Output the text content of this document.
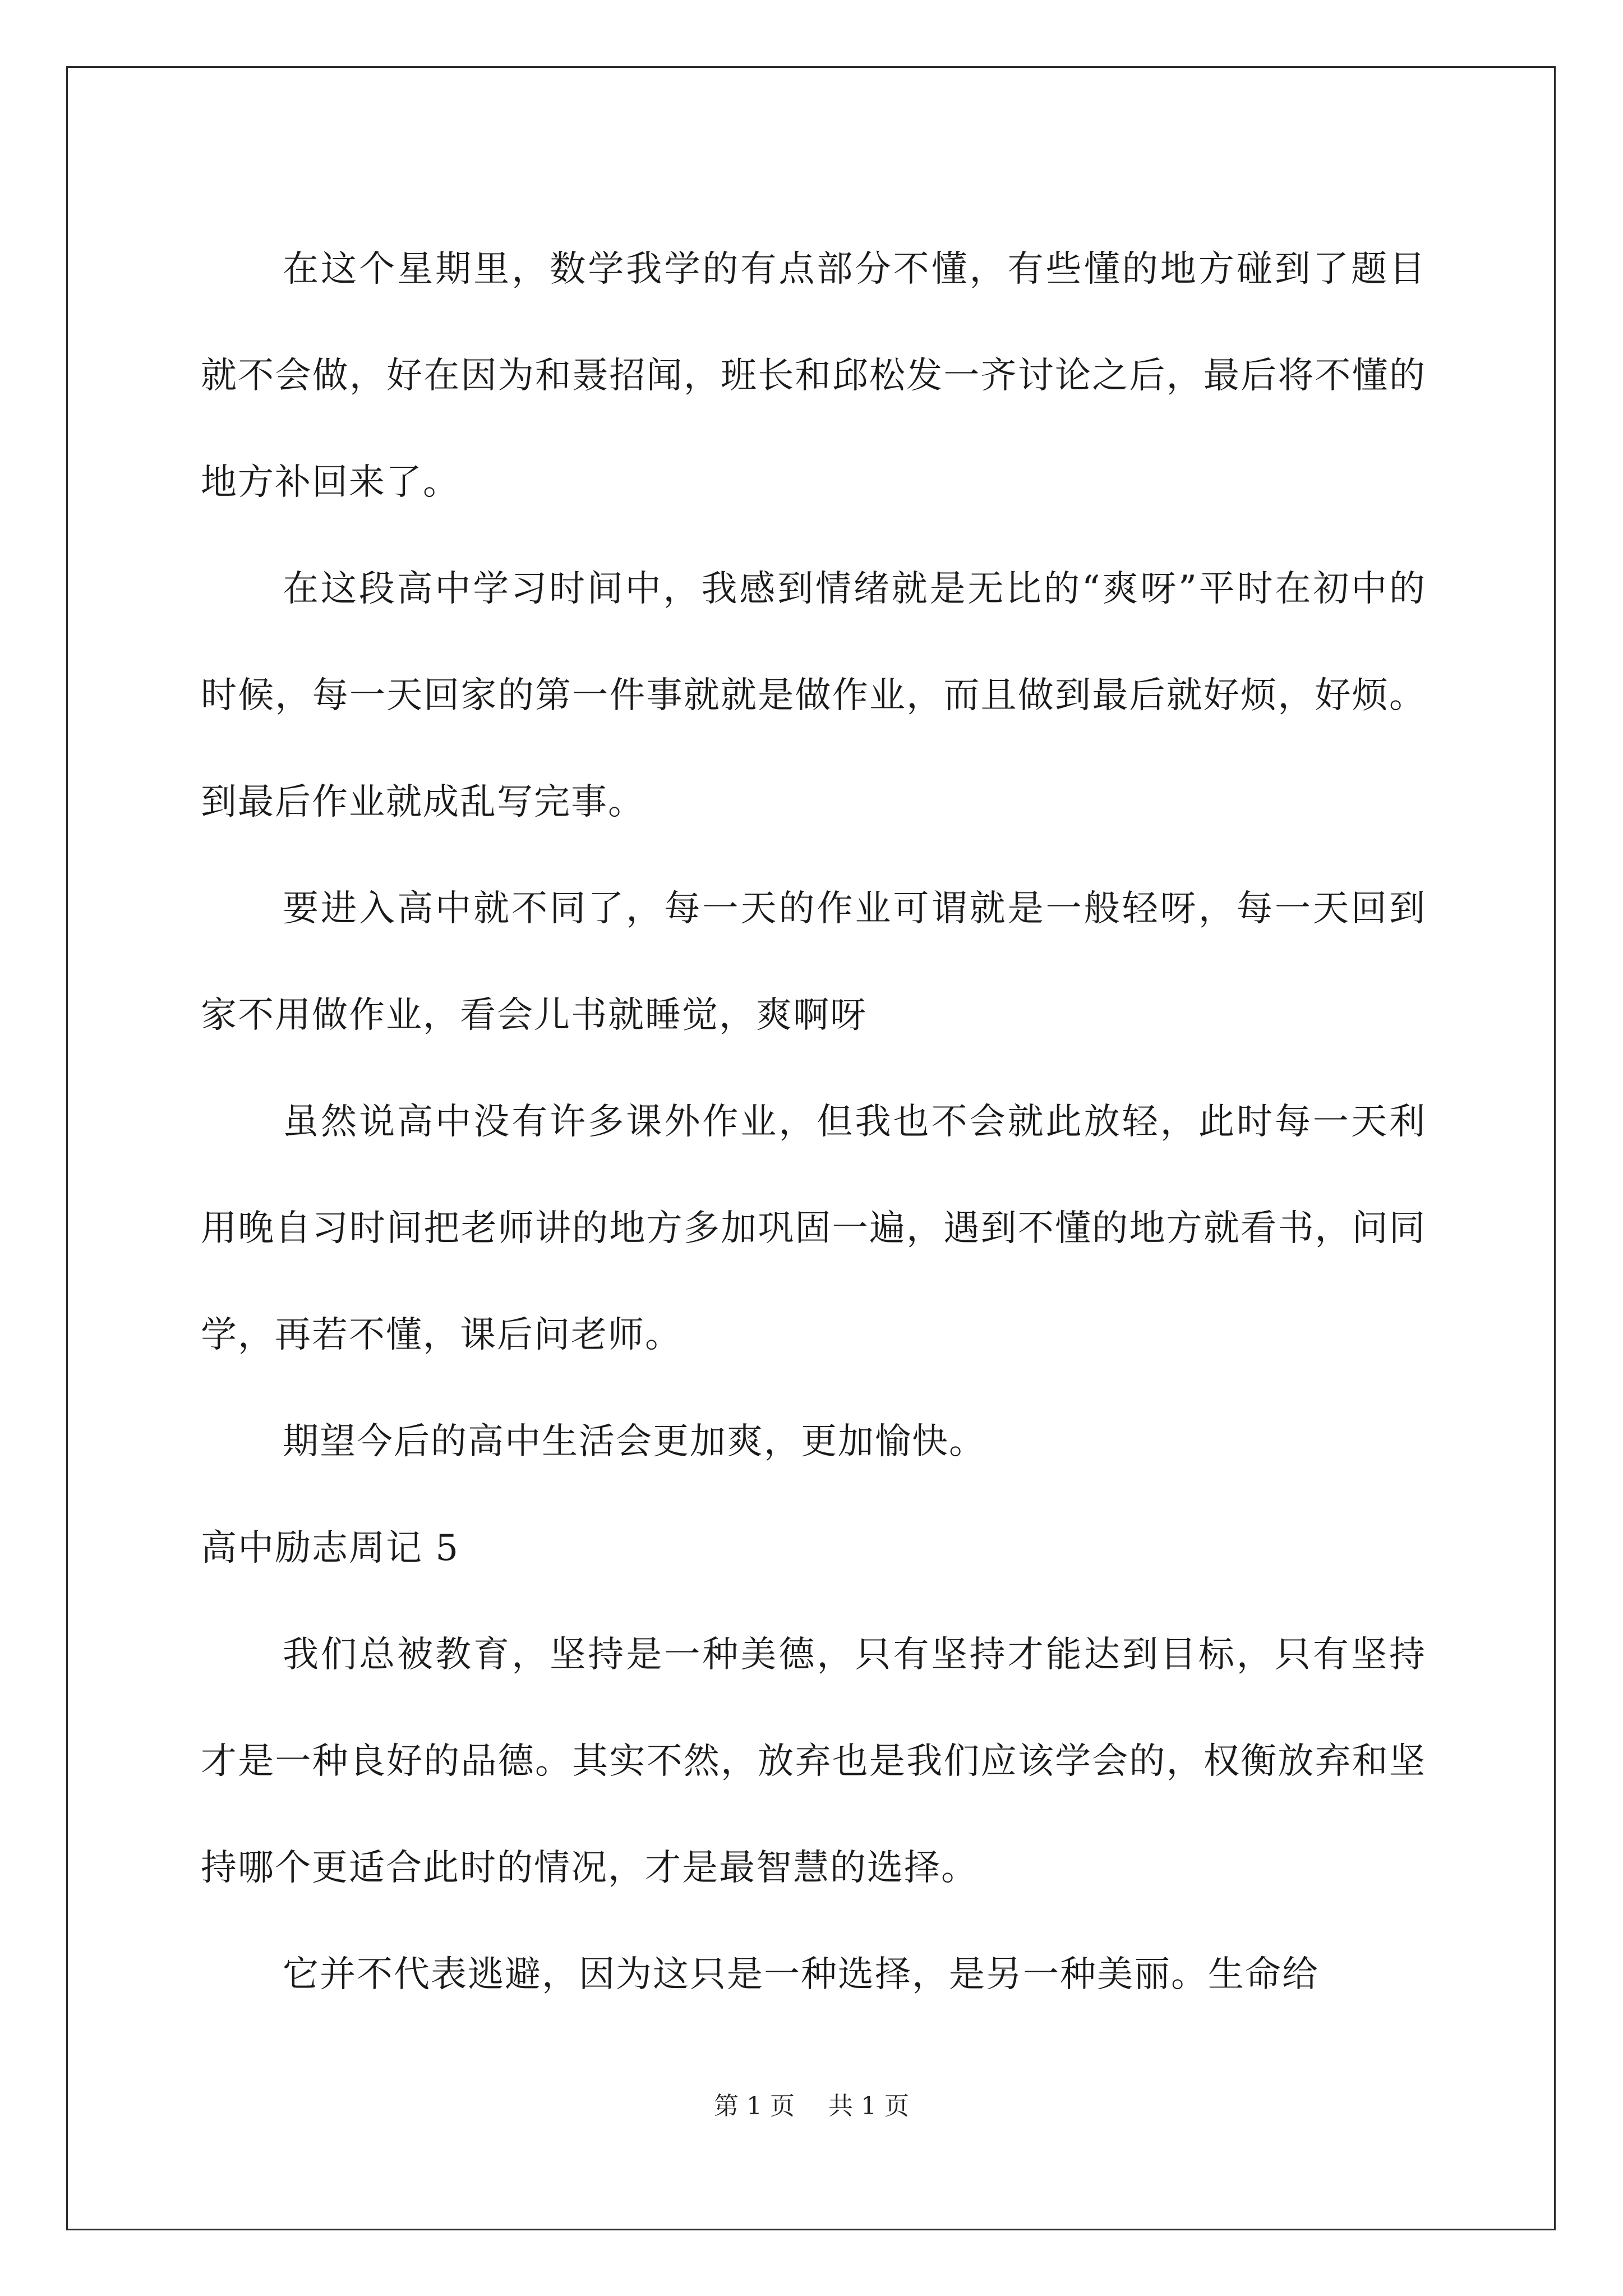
在这个星期里，数学我学的有点部分不懂，有些懂的地方碰到了题目就不会做，好在因为和聂招闻，班长和邱松发一齐讨论之后，最后将不懂的地方补回来了。

在这段高中学习时间中，我感到情绪就是无比的“爽呀”平时在初中的时候，每一天回家的第一件事就就是做作业，而且做到最后就好烦，好烦。到最后作业就成乱写完事。

要进入高中就不同了，每一天的作业可谓就是一般轻呀，每一天回到家不用做作业，看会儿书就睡觉，爽啊呀

虽然说高中没有许多课外作业，但我也不会就此放轻，此时每一天利用晚自习时间把老师讲的地方多加巩固一遍，遇到不懂的地方就看书，问同学，再若不懂，课后问老师。

期望今后的高中生活会更加爽，更加愉快。

高中励志周记 5

我们总被教育，坚持是一种美德，只有坚持才能达到目标，只有坚持才是一种良好的品德。其实不然，放弃也是我们应该学会的，权衡放弃和坚持哪个更适合此时的情况，才是最智慧的选择。

它并不代表逃避，因为这只是一种选择，是另一种美丽。生命给

第 1 页 共 1 页
